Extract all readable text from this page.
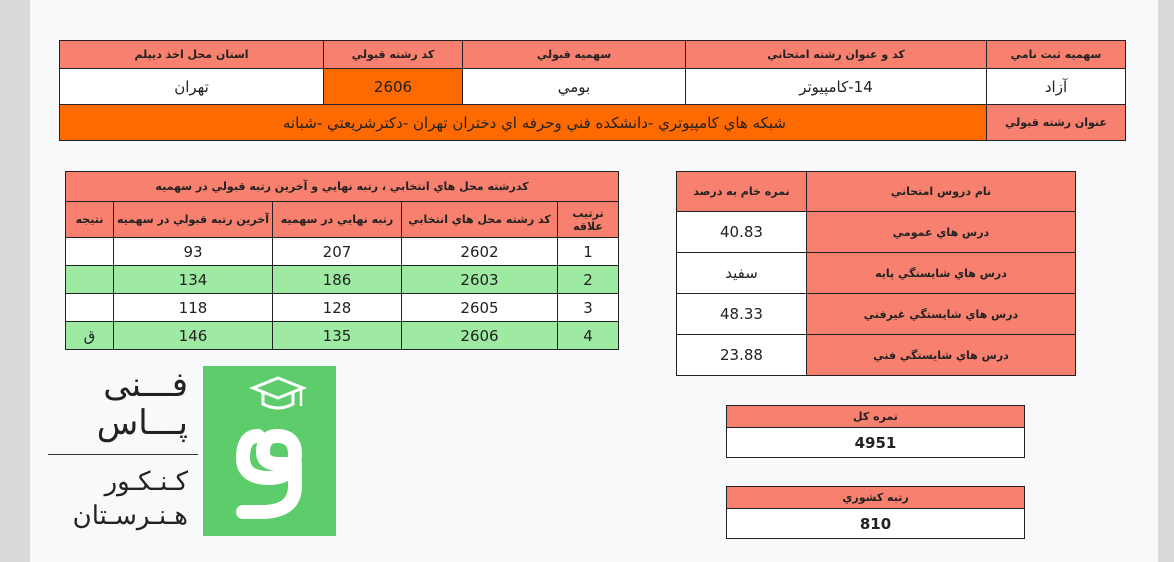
سهميه ثبت نامي	کد و عنوان رشته امتحاني	سهميه قبولي	کد رشته قبولي	استان محل اخذ ديپلم
آزاد	14-کامپيوتر	بومي	2606	تهران
عنوان رشته قبولي	شبکه هاي کامپيوتري -دانشکده فني وحرفه اي دختران تهران -دکترشريعتي -شبانه			
کدرشته محل هاي انتخابي ، رتبه نهايي و آخرين رتبه قبولي در سهميه				
ترتيب علاقه	کد رشته محل هاي انتخابي	رتبه نهايي در سهميه	آخرين رتبه قبولي در سهميه	نتيجه
1	2602	207	93	
2	2603	186	134	
3	2605	128	118	
4	2606	135	146	ق
نام دروس امتحاني	نمره خام به درصد
درس هاي عمومي	40.83
درس هاي شايستگي پايه	سفيد
درس هاي شايستگي غيرفني	48.33
درس هاي شايستگي فني	23.88
نمره کل
4951
رتبه کشوري
810
فـــنی
پـــاس
کـنـکـور
هـنـرسـتان
